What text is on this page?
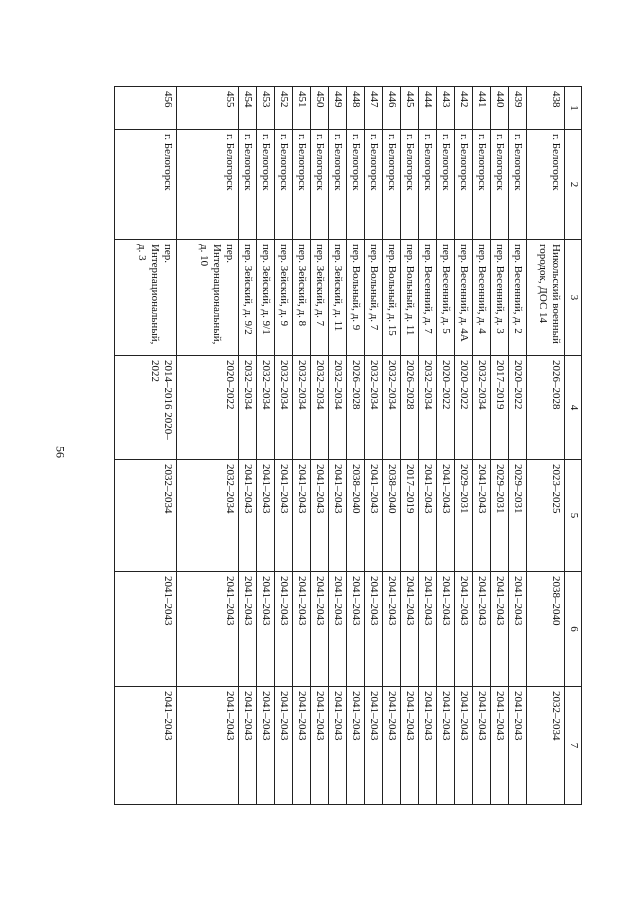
56
1	2	3	4	5	6	7
438	г. Белогорск	Никольский военный городок, ДОС 14	2026–2028	2023–2025	2038–2040	2032–2034
439	г. Белогорск	пер. Весенний, д. 2	2020–2022	2029–2031	2041–2043	2041–2043
440	г. Белогорск	пер. Весенний, д. 3	2017–2019	2029–2031	2041–2043	2041–2043
441	г. Белогорск	пер. Весенний, д. 4	2032–2034	2041–2043	2041–2043	2041–2043
442	г. Белогорск	пер. Весенний, д. 4А	2020–2022	2029–2031	2041–2043	2041–2043
443	г. Белогорск	пер. Весенний, д. 5	2020–2022	2041–2043	2041–2043	2041–2043
444	г. Белогорск	пер. Весенний, д. 7	2032–2034	2041–2043	2041–2043	2041–2043
445	г. Белогорск	пер. Вольный, д. 11	2026–2028	2017–2019	2041–2043	2041–2043
446	г. Белогорск	пер. Вольный, д. 15	2032–2034	2038–2040	2041–2043	2041–2043
447	г. Белогорск	пер. Вольный, д. 7	2032–2034	2041–2043	2041–2043	2041–2043
448	г. Белогорск	пер. Вольный, д. 9	2026–2028	2038–2040	2041–2043	2041–2043
449	г. Белогорск	пер. Зейский, д. 11	2032–2034	2041–2043	2041–2043	2041–2043
450	г. Белогорск	пер. Зейский, д. 7	2032–2034	2041–2043	2041–2043	2041–2043
451	г. Белогорск	пер. Зейский, д. 8	2032–2034	2041–2043	2041–2043	2041–2043
452	г. Белогорск	пер. Зейский, д. 9	2032–2034	2041–2043	2041–2043	2041–2043
453	г. Белогорск	пер. Зейский, д. 9/1	2032–2034	2041–2043	2041–2043	2041–2043
454	г. Белогорск	пер. Зейский, д. 9/2	2032–2034	2041–2043	2041–2043	2041–2043
455	г. Белогорск	пер. Интернациональный, д. 10	2020–2022	2032–2034	2041–2043	2041–2043
456	г. Белогорск	пер. Интернациональный, д. 3	2014–2016 2020–2022	2032–2034	2041–2043	2041–2043
